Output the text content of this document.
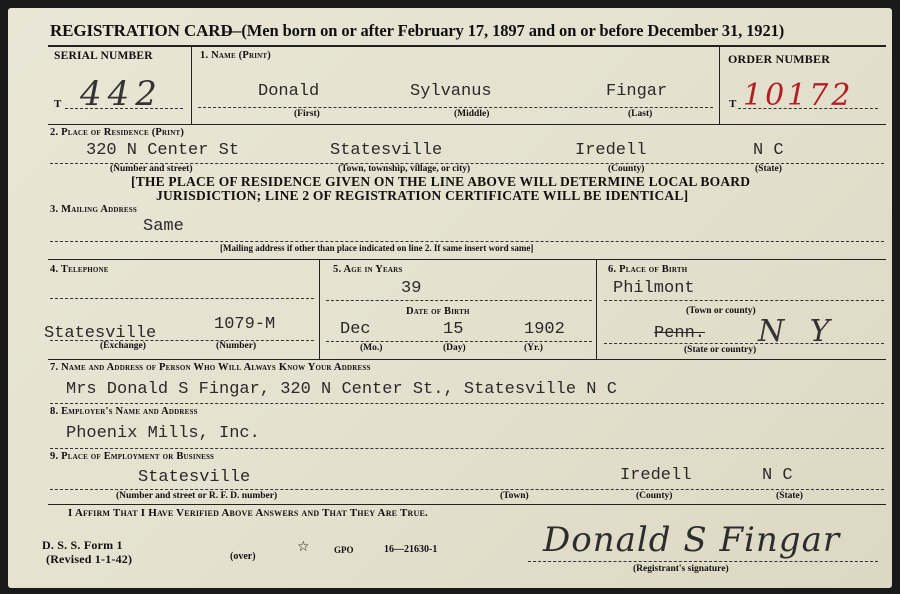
REGISTRATION CARD
—(Men born on or after February 17, 1897 and on or before December 31, 1921)
SERIAL NUMBER
T 442
1. Name (Print)
Donald	Sylvanus	Fingar
(First)	(Middle)	(Last)
ORDER NUMBER
T 10172
2. Place of Residence (Print)
320 N Center St	Statesville	Iredell	N C
(Number and street)	(Town, township, village, or city)	(County)	(State)
[THE PLACE OF RESIDENCE GIVEN ON THE LINE ABOVE WILL DETERMINE LOCAL BOARD
JURISDICTION; LINE 2 OF REGISTRATION CERTIFICATE WILL BE IDENTICAL]
3. Mailing Address
Same
[Mailing address if other than place indicated on line 2. If same insert word same]
4. Telephone
Statesville	1079-M
(Exchange)	(Number)
5. Age in Years
39
Date of Birth
Dec	15	1902
(Mo.)	(Day)	(Yr.)
6. Place of Birth
Philmont
(Town or county)
Penn. N Y
(State or country)
7. Name and Address of Person Who Will Always Know Your Address
Mrs Donald S Fingar, 320 N Center St., Statesville N C
8. Employer's Name and Address
Phoenix Mills, Inc.
9. Place of Employment or Business
Statesville	Iredell	N C
(Number and street or R. F. D. number)	(Town)	(County)	(State)
I Affirm That I Have Verified Above Answers and That They Are True.
D. S. S. Form 1
(Revised 1-1-42)	(over)
☆	GPO	16—21630-1	Donald S Fingar
(Registrant's signature)
